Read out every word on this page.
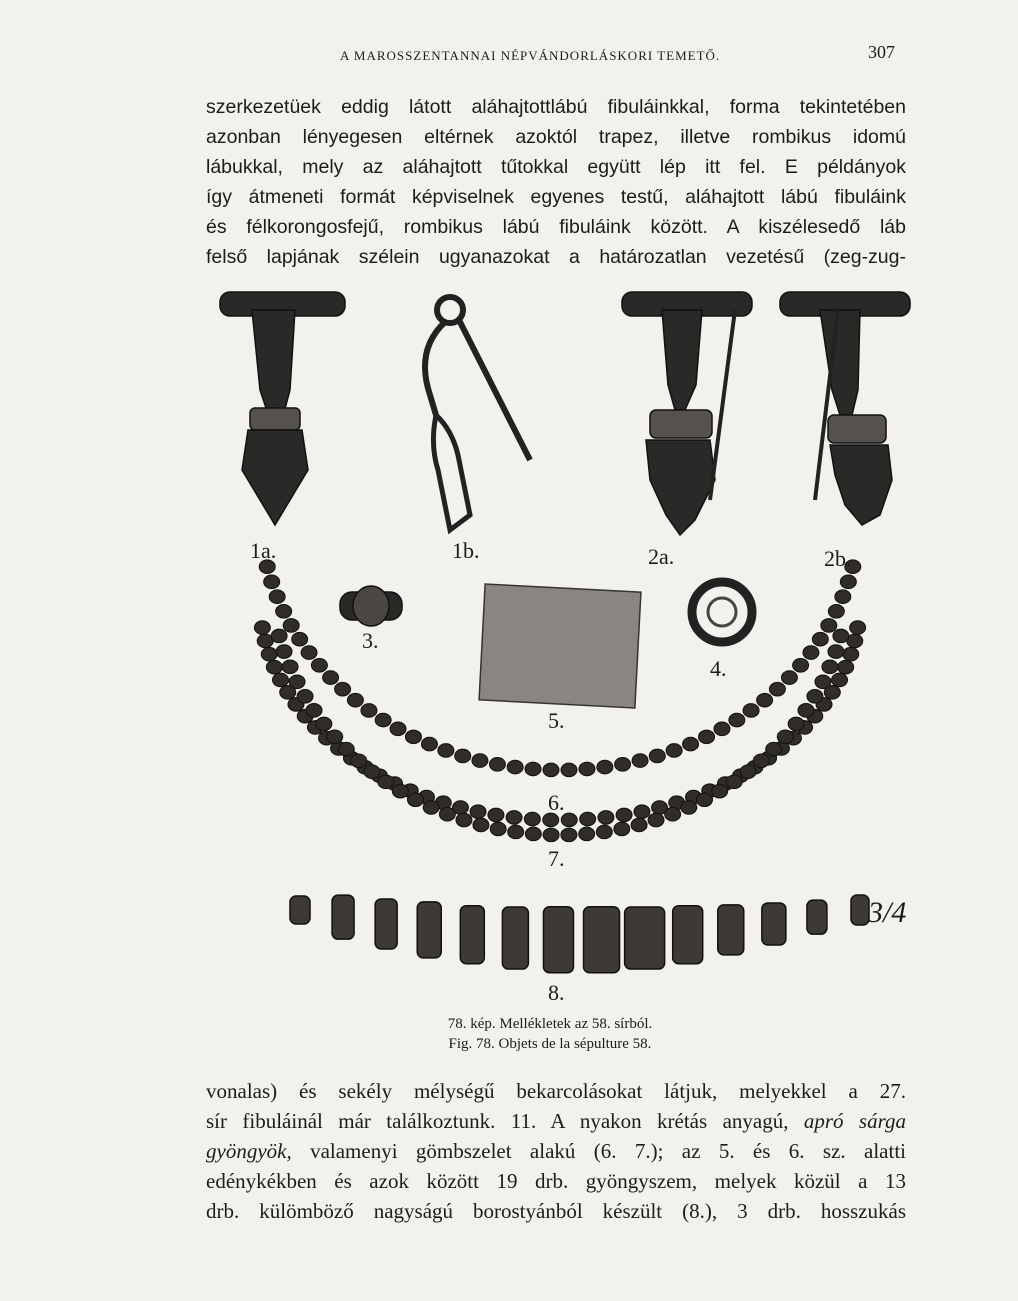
A MAROSSZENTANNAI NÉPVÁNDORLÁSKORI TEMETŐ.	307
szerkezetüek eddig látott aláhajtottlábú fibuláinkkal, forma tekintetében
azonban lényegesen eltérnek azoktól trapez, illetve rombikus idomú
lábukkal, mely az aláhajtott tűtokkal együtt lép itt fel. E példányok
így átmeneti formát képviselnek egyenes testű, aláhajtott lábú fibuláink
és félkorongosfejű, rombikus lábú fibuláink között. A kiszélesedő láb
felső lapjának szélein ugyanazokat a határozatlan vezetésű (zeg-zug-
1a.	1b.	2a.	2b.
3.
4.
5.
6.
7.
8.
3/4
78. kép. Mellékletek az 58. sírból.
Fig. 78. Objets de la sépulture 58.
vonalas) és sekély mélységű bekarcolásokat látjuk, melyekkel a 27.
sír fibuláinál már találkoztunk. 11. A nyakon krétás anyagú, apró sárga
gyöngyök, valamenyi gömbszelet alakú (6. 7.); az 5. és 6. sz. alatti
edénykékben és azok között 19 drb. gyöngyszem, melyek közül a 13
drb. külömböző nagyságú borostyánból készült (8.), 3 drb. hosszukás
